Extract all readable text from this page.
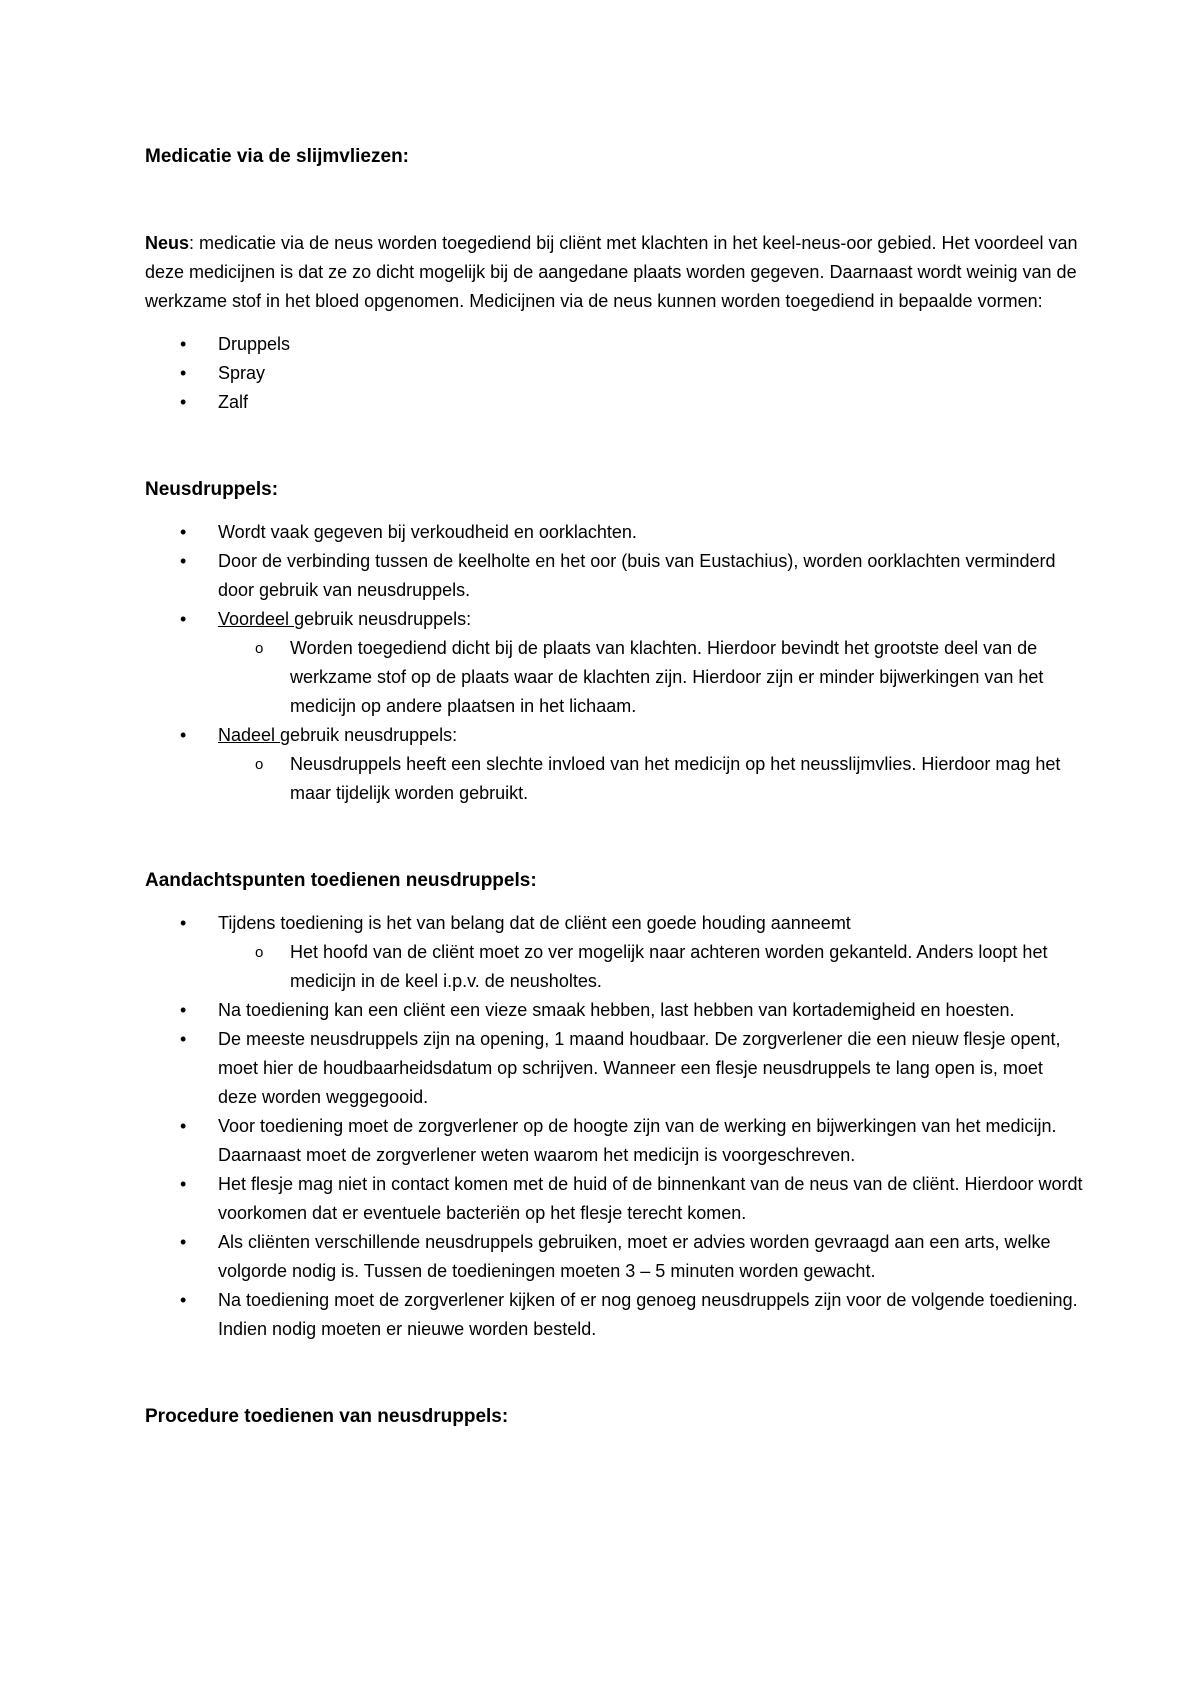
Medicatie via de slijmvliezen:

Neus: medicatie via de neus worden toegediend bij cliënt met klachten in het keel-neus-oor gebied. Het voordeel van deze medicijnen is dat ze zo dicht mogelijk bij de aangedane plaats worden gegeven. Daarnaast wordt weinig van de werkzame stof in het bloed opgenomen. Medicijnen via de neus kunnen worden toegediend in bepaalde vormen:

• Druppels
• Spray
• Zalf
Neusdruppels:
• Wordt vaak gegeven bij verkoudheid en oorklachten.
• Door de verbinding tussen de keelholte en het oor (buis van Eustachius), worden oorklachten verminderd door gebruik van neusdruppels.
• Voordeel gebruik neusdruppels:
o Worden toegediend dicht bij de plaats van klachten. Hierdoor bevindt het grootste deel van de werkzame stof op de plaats waar de klachten zijn. Hierdoor zijn er minder bijwerkingen van het medicijn op andere plaatsen in het lichaam.
• Nadeel gebruik neusdruppels:
o Neusdruppels heeft een slechte invloed van het medicijn op het neusslijmvlies. Hierdoor mag het maar tijdelijk worden gebruikt.
Aandachtspunten toedienen neusdruppels:
• Tijdens toediening is het van belang dat de cliënt een goede houding aanneemt
o Het hoofd van de cliënt moet zo ver mogelijk naar achteren worden gekanteld. Anders loopt het medicijn in de keel i.p.v. de neusholtes.
• Na toediening kan een cliënt een vieze smaak hebben, last hebben van kortademigheid en hoesten.
• De meeste neusdruppels zijn na opening, 1 maand houdbaar. De zorgverlener die een nieuw flesje opent, moet hier de houdbaarheidsdatum op schrijven. Wanneer een flesje neusdruppels te lang open is, moet deze worden weggegooid.
• Voor toediening moet de zorgverlener op de hoogte zijn van de werking en bijwerkingen van het medicijn. Daarnaast moet de zorgverlener weten waarom het medicijn is voorgeschreven.
• Het flesje mag niet in contact komen met de huid of de binnenkant van de neus van de cliënt. Hierdoor wordt voorkomen dat er eventuele bacteriën op het flesje terecht komen.
• Als cliënten verschillende neusdruppels gebruiken, moet er advies worden gevraagd aan een arts, welke volgorde nodig is. Tussen de toedieningen moeten 3 – 5 minuten worden gewacht.
• Na toediening moet de zorgverlener kijken of er nog genoeg neusdruppels zijn voor de volgende toediening. Indien nodig moeten er nieuwe worden besteld.
Procedure toedienen van neusdruppels:
